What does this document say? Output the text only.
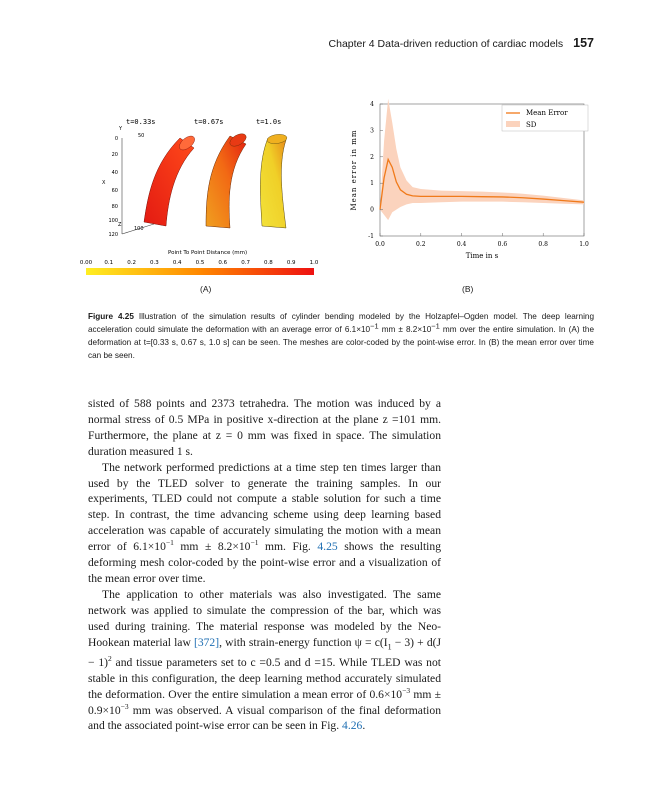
Chapter 4 Data-driven reduction of cardiac models 157
t=0.33s	t=0.67s	t=1.0s
Y
50
X
Z
100
0
20
40
60
80
100
120
Point To Point Distance (mm)
0.00 0.1	0.2	0.3	0.4	0.5	0.6	0.7	0.8	0.9	1.0
(A)
0.0	0.2	0.4	0.6	0.8	1.0
-1
0
1
2
3
4
Time in s
Mean error in mm
Mean Error
SD
(B)
Figure 4.25 Illustration of the simulation results of cylinder bending modeled by the Holzapfel–Ogden model. The deep learning acceleration could simulate the deformation with an average error of $6.1\times 10^{-1}$ mm ± $8.2\times 10^{-1}$ mm over the entire simulation. In (A) the deformation at t=[0.33 s, 0.67 s, 1.0 s] can be seen. The meshes are color-coded by the point-wise error. In (B) the mean error over time can be seen.

sisted of 588 points and 2373 tetrahedra. The motion was induced by a normal stress of 0.5 MPa in positive x-direction at the plane z =101 mm. Furthermore, the plane at z = 0 mm was fixed in space. The simulation duration measured 1 s.

The network performed predictions at a time step ten times larger than used by the TLED solver to generate the training samples. In our experiments, TLED could not compute a stable solution for such a time step. In contrast, the time advancing scheme using deep learning based acceleration was capable of accurately simulating the motion with a mean error of $6.1\times 10^{-1}$ mm ± $8.2\times 10^{-1}$ mm. Fig. 4.25 shows the resulting deforming mesh color-coded by the point-wise error and a visualization of the mean error over time.

The application to other materials was also investigated. The same network was applied to simulate the compression of the bar, which was used during training. The material response was modeled by the Neo-Hookean material law [372], with strain-energy function $\psi = c(I_1 - 3) + d(J - 1)^2$ and tissue parameters set to c =0.5 and d =15. While TLED was not stable in this configuration, the deep learning method accurately simulated the deformation. Over the entire simulation a mean error of $0.6\times 10^{-3}$ mm ± $0.9\times 10^{-3}$ mm was observed. A visual comparison of the final deformation and the associated point-wise error can be seen in Fig. 4.26.
